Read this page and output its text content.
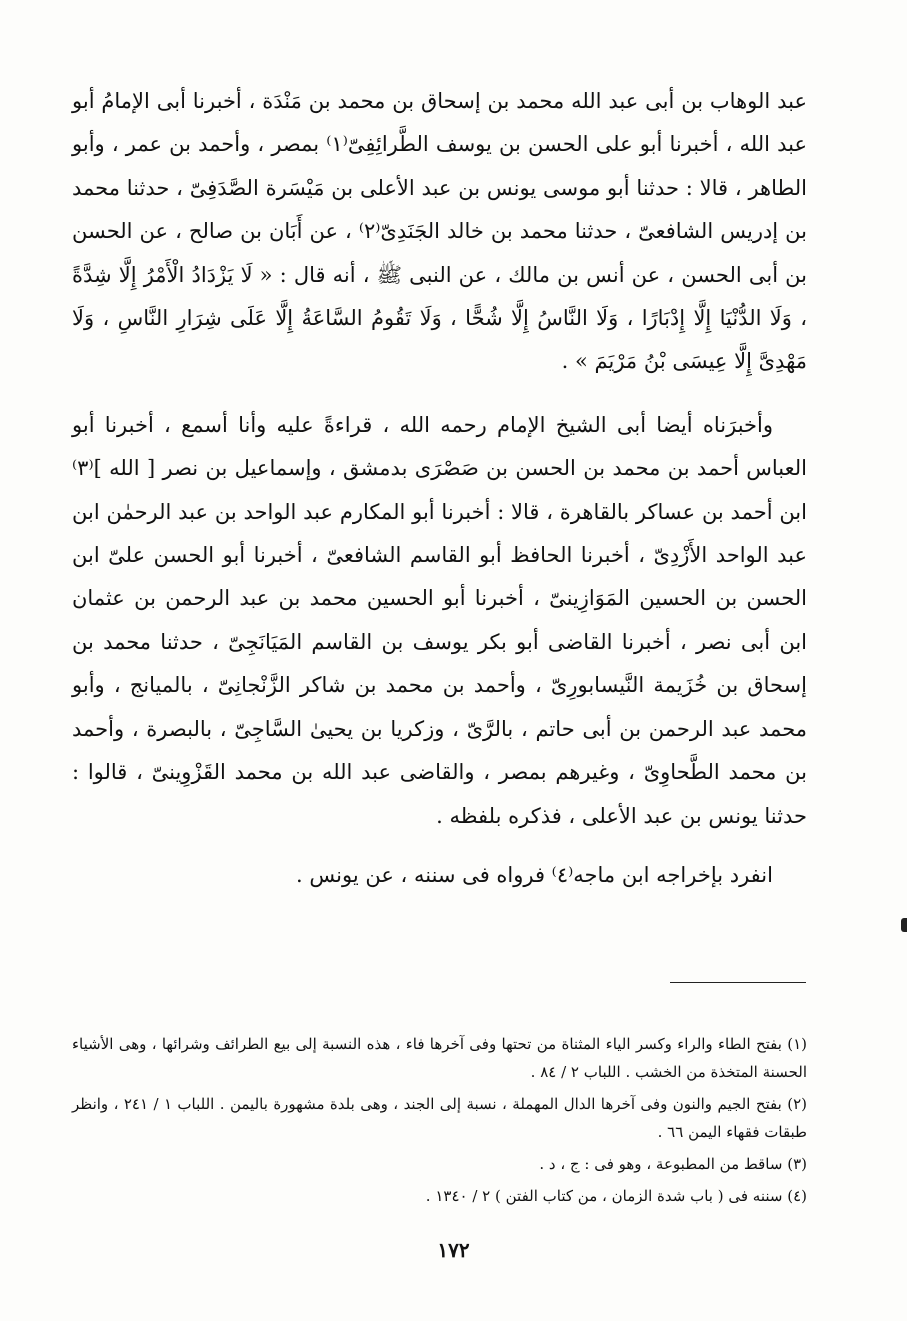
عبد الوهاب بن أبى عبد الله محمد بن إسحاق بن محمد بن مَنْدَة ، أخبرنا أبى الإمامُ أبو عبد الله ، أخبرنا أبو على الحسن بن يوسف الطَّرائِفِىّ⁽١⁾ بمصر ، وأحمد بن عمر ، وأبو الطاهر ، قالا : حدثنا أبو موسى يونس بن عبد الأعلى بن مَيْسَرة الصَّدَفِىّ ، حدثنا محمد بن إدريس الشافعىّ ، حدثنا محمد بن خالد الجَنَدِىّ⁽٢⁾ ، عن أَبَان بن صالح ، عن الحسن بن أبى الحسن ، عن أنس بن مالك ، عن النبى ﷺ ، أنه قال : « لَا يَزْدَادُ الْأَمْرُ إِلَّا شِدَّةً ، وَلَا الدُّنْيَا إِلَّا إِدْبَارًا ، وَلَا النَّاسُ إِلَّا شُحًّا ، وَلَا تَقُومُ السَّاعَةُ إِلَّا عَلَى شِرَارِ النَّاسِ ، وَلَا مَهْدِىَّ إِلَّا عِيسَى بْنُ مَرْيَمَ » .

وأخبرَناه أيضا أبى الشيخ الإمام رحمه الله ، قراءةً عليه وأنا أسمع ، أخبرنا أبو العباس أحمد بن محمد بن الحسن بن صَصْرَى بدمشق ، وإسماعيل بن نصر [ الله ]⁽٣⁾ ابن أحمد بن عساكر بالقاهرة ، قالا : أخبرنا أبو المكارم عبد الواحد بن عبد الرحمٰن ابن عبد الواحد الأَزْدِىّ ، أخبرنا الحافظ أبو القاسم الشافعىّ ، أخبرنا أبو الحسن علىّ ابن الحسن بن الحسين المَوَازِينىّ ، أخبرنا أبو الحسين محمد بن عبد الرحمن بن عثمان ابن أبى نصر ، أخبرنا القاضى أبو بكر يوسف بن القاسم المَيَانَجِىّ ، حدثنا محمد بن إسحاق بن خُزَيمة النَّيسابورِىّ ، وأحمد بن محمد بن شاكر الزَّنْجانِىّ ، بالميانج ، وأبو محمد عبد الرحمن بن أبى حاتم ، بالرَّىّ ، وزكريا بن يحيىٰ السَّاجِىّ ، بالبصرة ، وأحمد بن محمد الطَّحاوِىّ ، وغيرهم بمصر ، والقاضى عبد الله بن محمد القَزْوِينىّ ، قالوا : حدثنا يونس بن عبد الأعلى ، فذكره بلفظه .

انفرد بإخراجه ابن ماجه⁽٤⁾ فرواه فى سننه ، عن يونس .

(١) بفتح الطاء والراء وكسر الياء المثناة من تحتها وفى آخرها فاء ، هذه النسبة إلى بيع الطرائف وشرائها ، وهى الأشياء الحسنة المتخذة من الخشب . اللباب ٢ / ٨٤ .

(٢) بفتح الجيم والنون وفى آخرها الدال المهملة ، نسبة إلى الجند ، وهى بلدة مشهورة باليمن . اللباب ١ / ٢٤١ ، وانظر طبقات فقهاء اليمن ٦٦ .

(٣) ساقط من المطبوعة ، وهو فى : ج ، د .

(٤) سننه فى ( باب شدة الزمان ، من كتاب الفتن ) ٢ / ١٣٤٠ .

١٧٢
